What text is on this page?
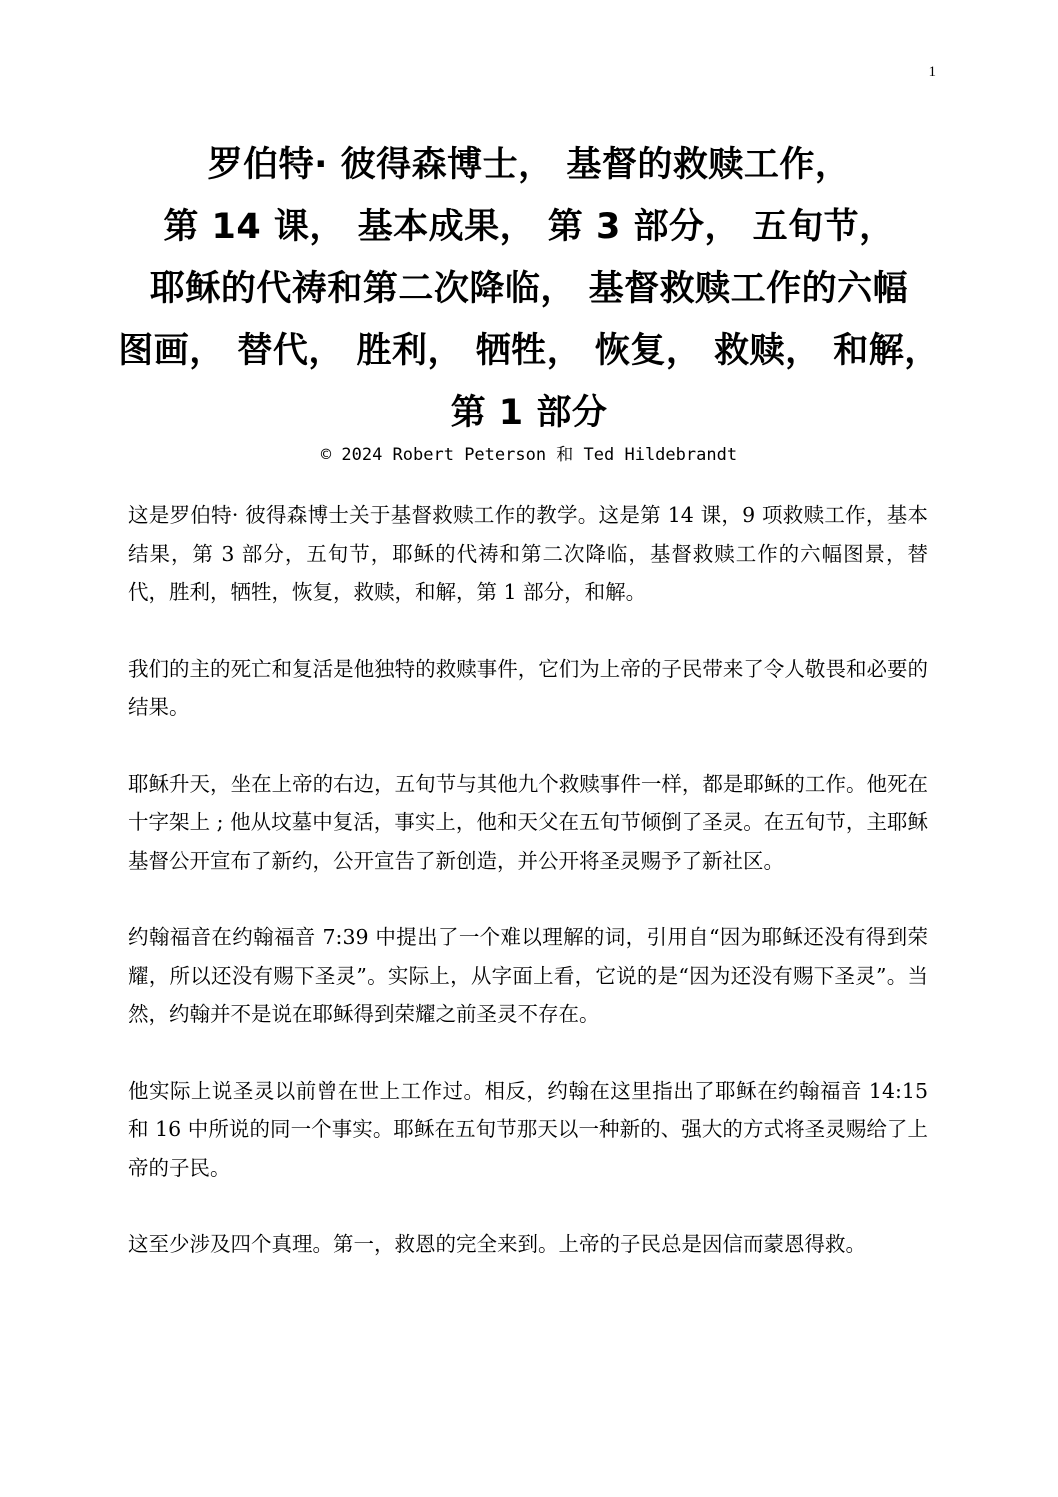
1
罗伯特· 彼得森博士， 基督的救赎工作，
第 14 课， 基本成果， 第 3 部分， 五旬节，
耶稣的代祷和第二次降临， 基督救赎工作的六幅
图画， 替代， 胜利， 牺牲， 恢复， 救赎， 和解，
第 1 部分
© 2024 Robert Peterson 和 Ted Hildebrandt

这是罗伯特· 彼得森博士关于基督救赎工作的教学。这是第 14 课，9 项救赎工作，基本结果，第 3 部分，五旬节，耶稣的代祷和第二次降临，基督救赎工作的六幅图景，替代，胜利，牺牲，恢复，救赎，和解，第 1 部分，和解。

我们的主的死亡和复活是他独特的救赎事件，它们为上帝的子民带来了令人敬畏和必要的结果。

耶稣升天，坐在上帝的右边，五旬节与其他九个救赎事件一样，都是耶稣的工作。他死在十字架上 ; 他从坟墓中复活，事实上，他和天父在五旬节倾倒了圣灵。在五旬节，主耶稣基督公开宣布了新约，公开宣告了新创造，并公开将圣灵赐予了新社区。

约翰福音在约翰福音 7:39 中提出了一个难以理解的词，引用自“因为耶稣还没有得到荣耀，所以还没有赐下圣灵”。实际上，从字面上看，它说的是“因为还没有赐下圣灵”。当然，约翰并不是说在耶稣得到荣耀之前圣灵不存在。

他实际上说圣灵以前曾在世上工作过。相反，约翰在这里指出了耶稣在约翰福音 14:15 和 16 中所说的同一个事实。耶稣在五旬节那天以一种新的、强大的方式将圣灵赐给了上帝的子民。

这至少涉及四个真理。第一，救恩的完全来到。上帝的子民总是因信而蒙恩得救。
